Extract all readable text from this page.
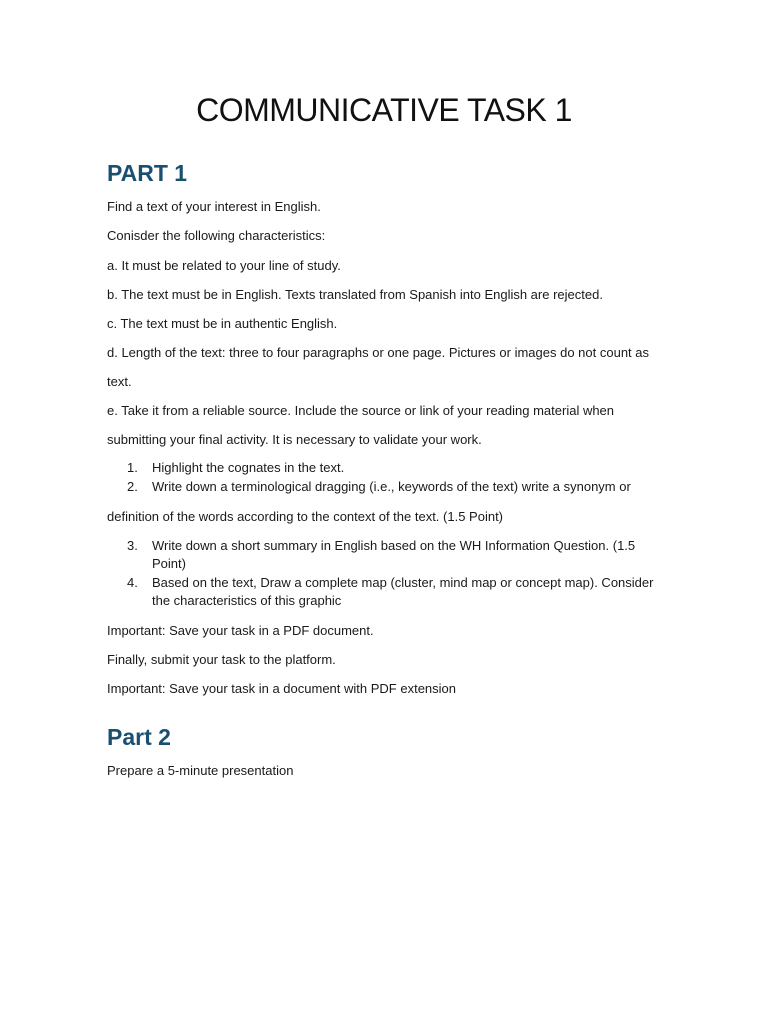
COMMUNICATIVE TASK 1
PART 1

Find a text of your interest in English.

Conisder the following characteristics:

a. It must be related to your line of study.

b. The text must be in English. Texts translated from Spanish into English are rejected.

c. The text must be in authentic English.

d. Length of the text: three to four paragraphs or one page. Pictures or images do not count as

text.

e. Take it from a reliable source. Include the source or link of your reading material when

submitting your final activity. It is necessary to validate your work.

1.	Highlight the cognates in the text.
2.	Write down a terminological dragging (i.e., keywords of the text) write a synonym or

definition of the words according to the context of the text. (1.5 Point)

3.	Write down a short summary in English based on the WH Information Question. (1.5 Point)
4.	Based on the text, Draw a complete map (cluster, mind map or concept map). Consider the characteristics of this graphic

Important: Save your task in a PDF document.

Finally, submit your task to the platform.

Important: Save your task in a document with PDF extension

Part 2

Prepare a 5-minute presentation
